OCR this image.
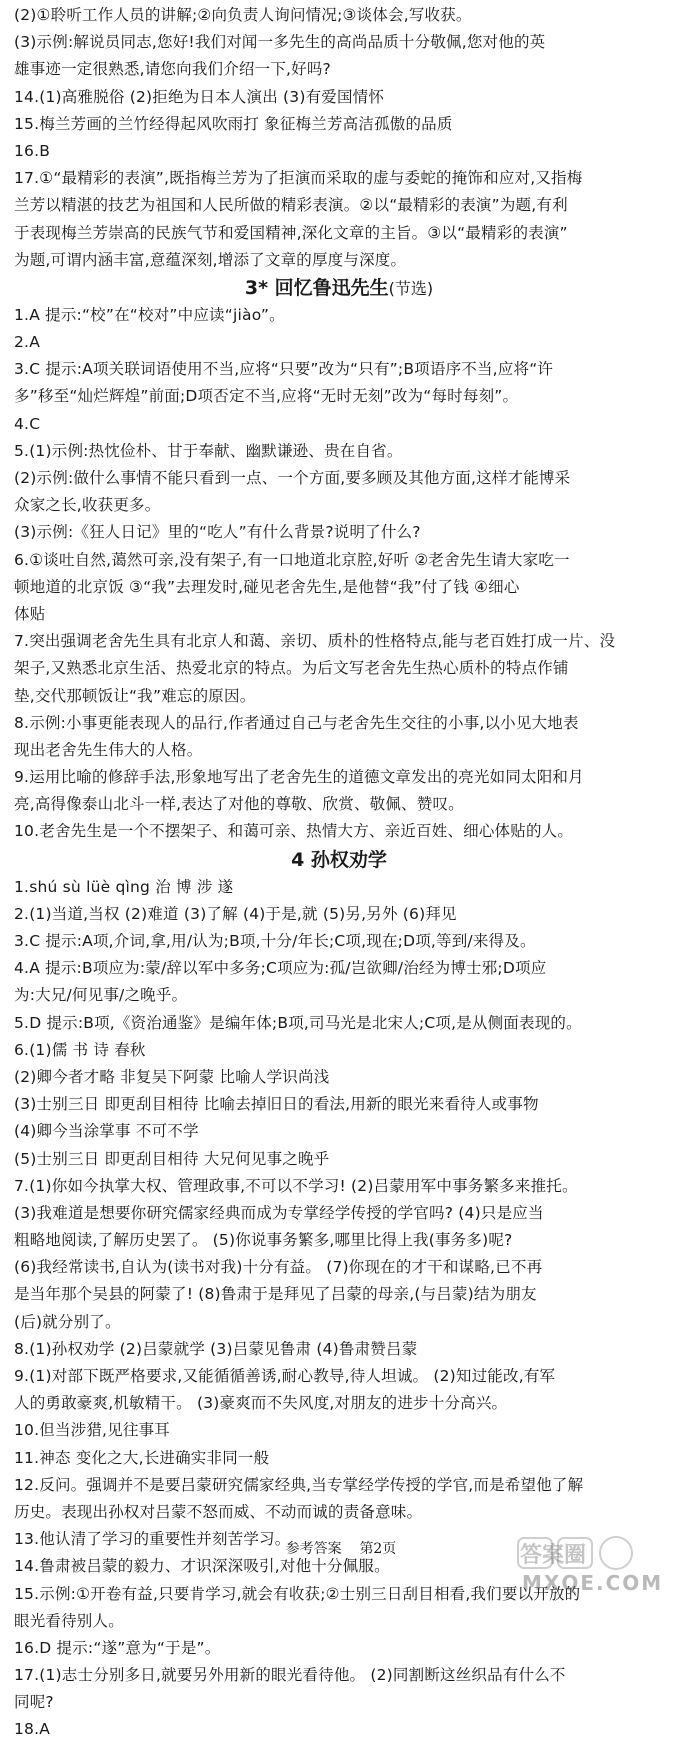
(2)①聆听工作人员的讲解;②向负责人询问情况;③谈体会,写收获。
(3)示例:解说员同志,您好!我们对闻一多先生的高尚品质十分敬佩,您对他的英
雄事迹一定很熟悉,请您向我们介绍一下,好吗?
14.(1)高雅脱俗 (2)拒绝为日本人演出 (3)有爱国情怀
15.梅兰芳画的兰竹经得起风吹雨打 象征梅兰芳高洁孤傲的品质
16.B
17.①“最精彩的表演”,既指梅兰芳为了拒演而采取的虚与委蛇的掩饰和应对,又指梅
兰芳以精湛的技艺为祖国和人民所做的精彩表演。②以“最精彩的表演”为题,有利
于表现梅兰芳崇高的民族气节和爱国精神,深化文章的主旨。③以“最精彩的表演”
为题,可谓内涵丰富,意蕴深刻,增添了文章的厚度与深度。
3* 回忆鲁迅先生(节选)
1.A 提示:“校”在“校对”中应读“jiào”。
2.A
3.C 提示:A项关联词语使用不当,应将“只要”改为“只有”;B项语序不当,应将“许
多”移至“灿烂辉煌”前面;D项否定不当,应将“无时无刻”改为“每时每刻”。
4.C
5.(1)示例:热忱俭朴、甘于奉献、幽默谦逊、贵在自省。
(2)示例:做什么事情不能只看到一点、一个方面,要多顾及其他方面,这样才能博采
众家之长,收获更多。
(3)示例:《狂人日记》里的“吃人”有什么背景?说明了什么?
6.①谈吐自然,蔼然可亲,没有架子,有一口地道北京腔,好听 ②老舍先生请大家吃一
顿地道的北京饭 ③“我”去理发时,碰见老舍先生,是他替“我”付了钱 ④细心
体贴
7.突出强调老舍先生具有北京人和蔼、亲切、质朴的性格特点,能与老百姓打成一片、没
架子,又熟悉北京生活、热爱北京的特点。为后文写老舍先生热心质朴的特点作铺
垫,交代那顿饭让“我”难忘的原因。
8.示例:小事更能表现人的品行,作者通过自己与老舍先生交往的小事,以小见大地表
现出老舍先生伟大的人格。
9.运用比喻的修辞手法,形象地写出了老舍先生的道德文章发出的亮光如同太阳和月
亮,高得像泰山北斗一样,表达了对他的尊敬、欣赏、敬佩、赞叹。
10.老舍先生是一个不摆架子、和蔼可亲、热情大方、亲近百姓、细心体贴的人。
4 孙权劝学
1.shú sù lüè qìng 治 博 涉 遂
2.(1)当道,当权 (2)难道 (3)了解 (4)于是,就 (5)另,另外 (6)拜见
3.C 提示:A项,介词,拿,用/认为;B项,十分/年长;C项,现在;D项,等到/来得及。
4.A 提示:B项应为:蒙/辞以军中多务;C项应为:孤/岂欲卿/治经为博士邪;D项应
为:大兄/何见事/之晚乎。
5.D 提示:B项,《资治通鉴》是编年体;B项,司马光是北宋人;C项,是从侧面表现的。
6.(1)儒 书 诗 春秋
(2)卿今者才略 非复吴下阿蒙 比喻人学识尚浅
(3)士别三日 即更刮目相待 比喻去掉旧日的看法,用新的眼光来看待人或事物
(4)卿今当涂掌事 不可不学
(5)士别三日 即更刮目相待 大兄何见事之晚乎
7.(1)你如今执掌大权、管理政事,不可以不学习! (2)吕蒙用军中事务繁多来推托。
(3)我难道是想要你研究儒家经典而成为专掌经学传授的学官吗? (4)只是应当
粗略地阅读,了解历史罢了。 (5)你说事务繁多,哪里比得上我(事务多)呢?
(6)我经常读书,自认为(读书对我)十分有益。 (7)你现在的才干和谋略,已不再
是当年那个吴县的阿蒙了! (8)鲁肃于是拜见了吕蒙的母亲,(与吕蒙)结为朋友
(后)就分别了。
8.(1)孙权劝学 (2)吕蒙就学 (3)吕蒙见鲁肃 (4)鲁肃赞吕蒙
9.(1)对部下既严格要求,又能循循善诱,耐心教导,待人坦诚。 (2)知过能改,有军
人的勇敢豪爽,机敏精干。 (3)豪爽而不失风度,对朋友的进步十分高兴。
10.但当涉猎,见往事耳
11.神态 变化之大,长进确实非同一般
12.反问。强调并不是要吕蒙研究儒家经典,当专掌经学传授的学官,而是希望他了解
历史。表现出孙权对吕蒙不怒而威、不动而诚的责备意味。
13.他认清了学习的重要性并刻苦学习。
14.鲁肃被吕蒙的毅力、才识深深吸引,对他十分佩服。
15.示例:①开卷有益,只要肯学习,就会有收获;②士别三日刮目相看,我们要以开放的
眼光看待别人。
16.D 提示:“遂”意为“于是”。
17.(1)志士分别多日,就要另外用新的眼光看待他。 (2)同割断这丝织品有什么不
同呢?
18.A
参考答案 第2页	答案圈
MXQE.COM
